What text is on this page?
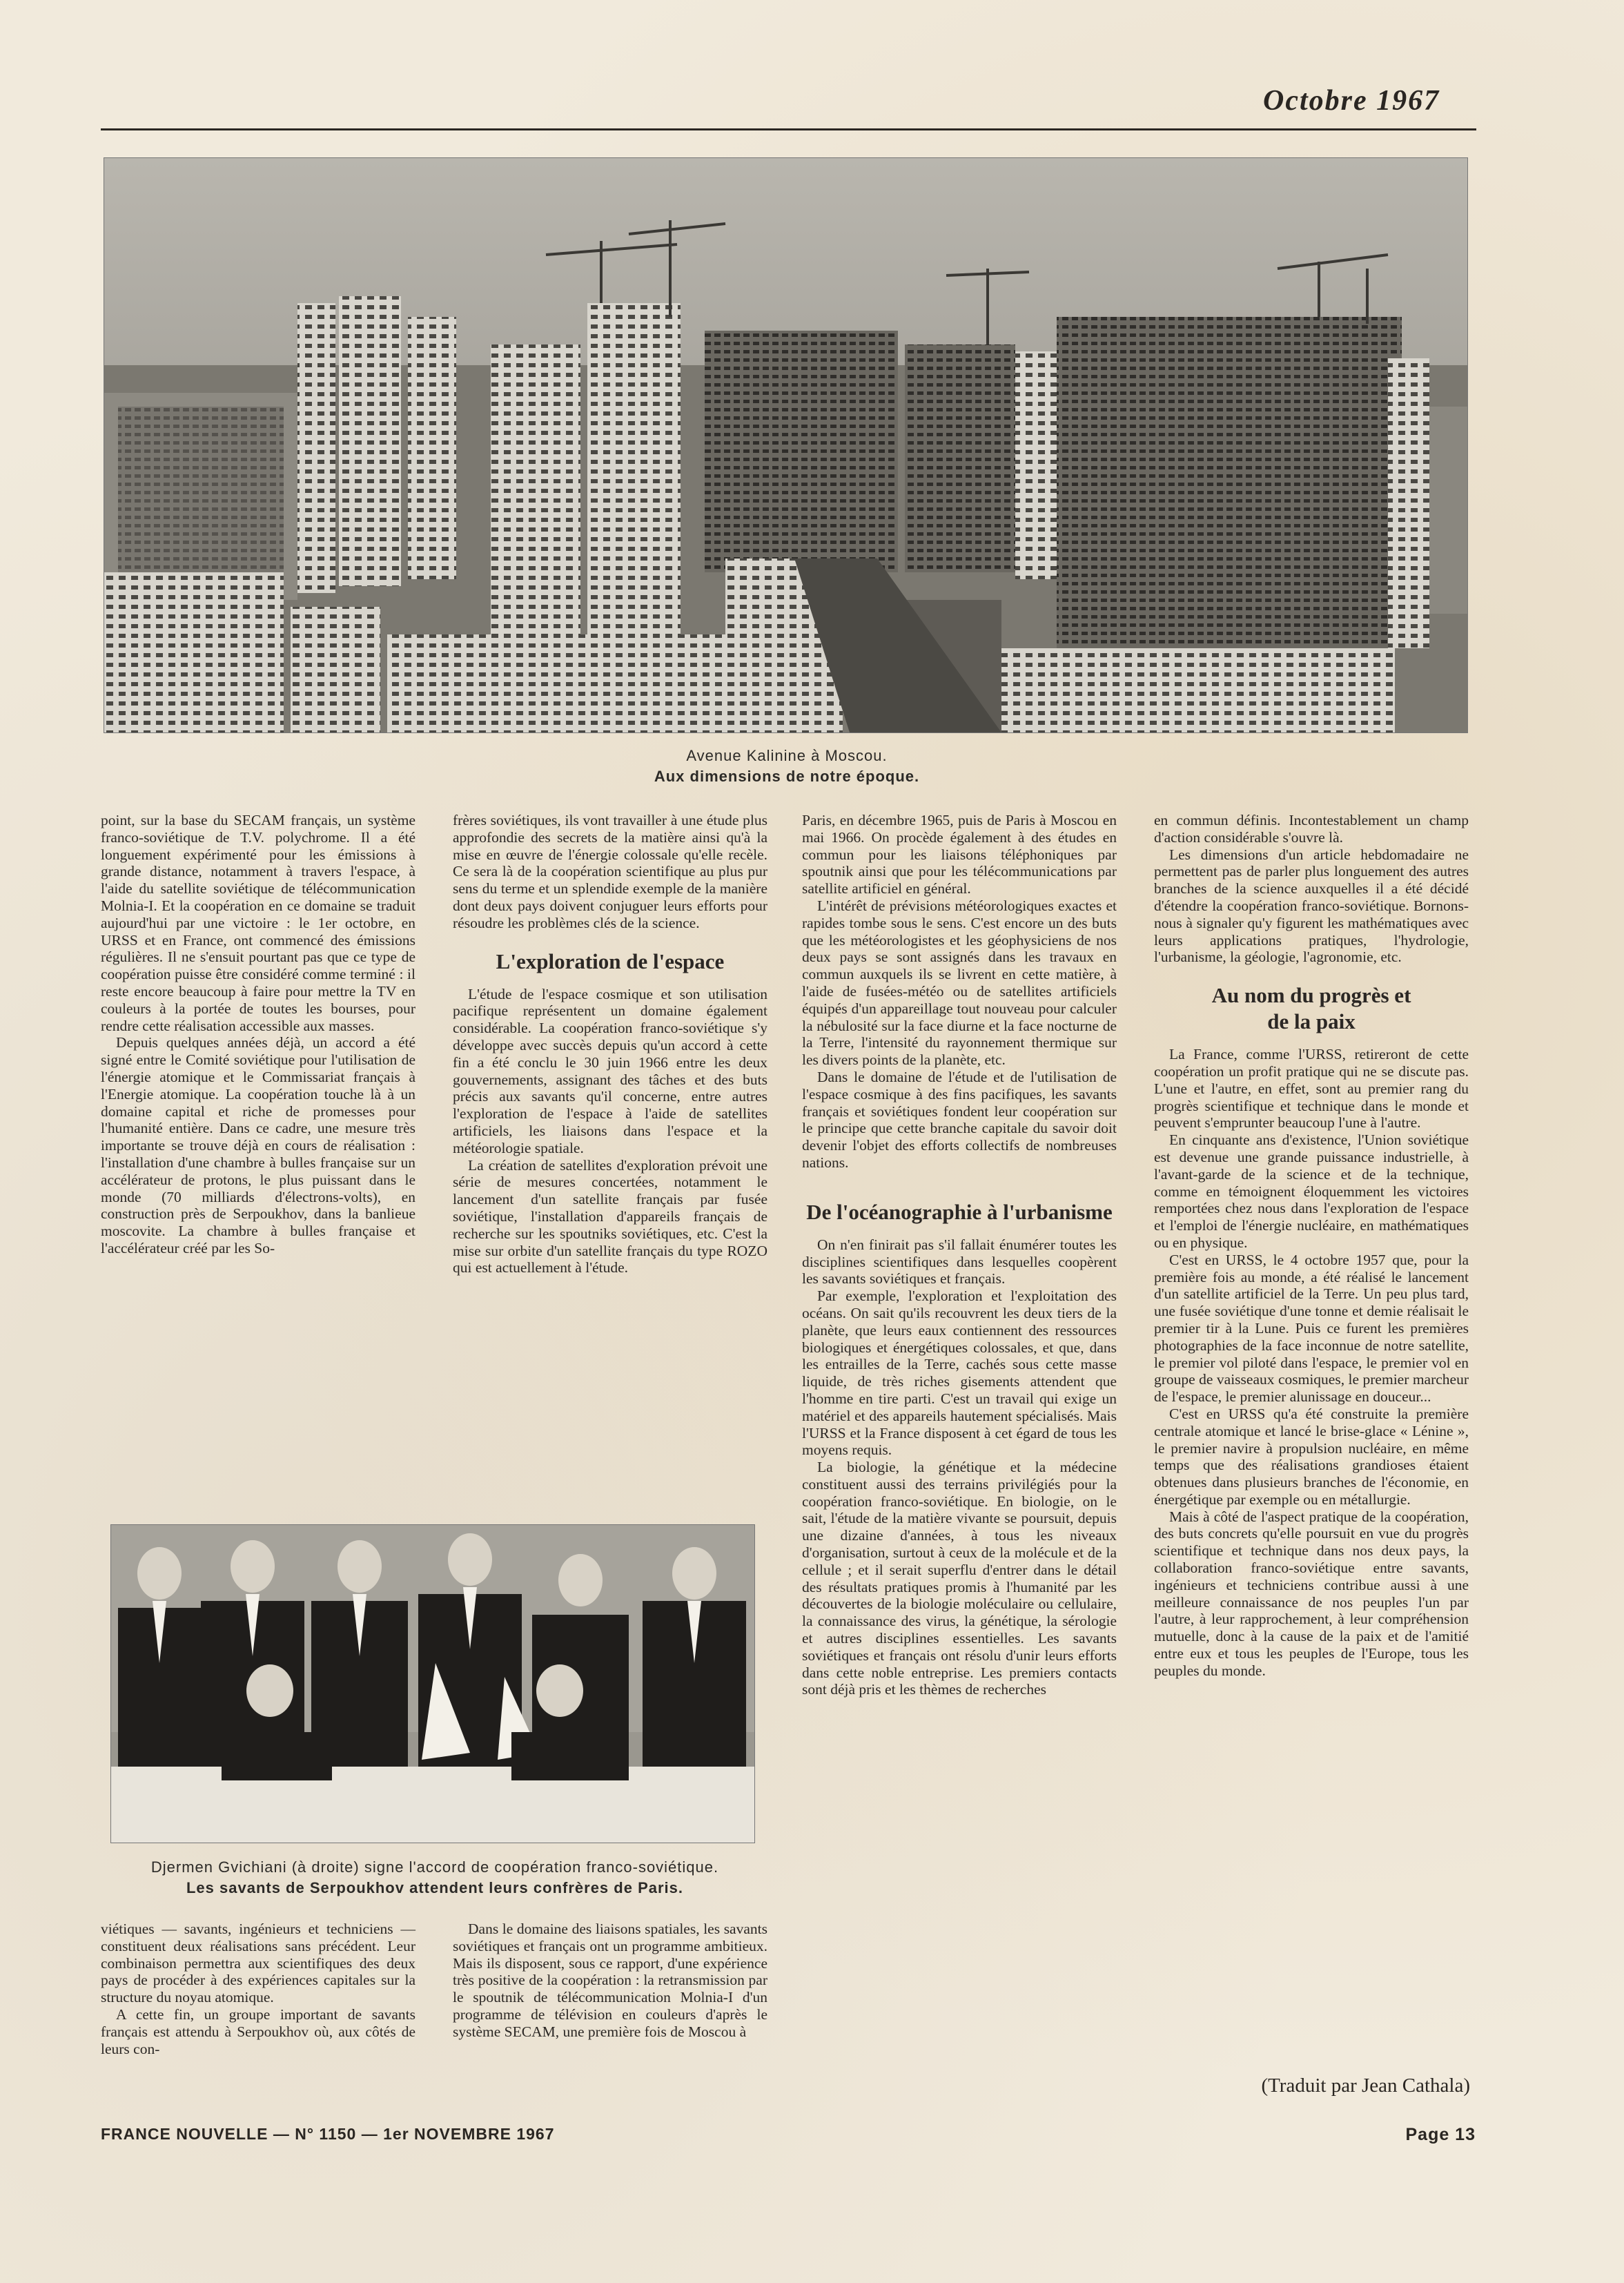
Octobre 1967
Avenue Kalinine à Moscou.
Aux dimensions de notre époque.

point, sur la base du SECAM français, un système franco-soviétique de T.V. polychrome. Il a été longuement expérimenté pour les émissions à grande distance, notamment à travers l'espace, à l'aide du satellite soviétique de télécommunication Molnia-I. Et la coopération en ce domaine se traduit aujourd'hui par une victoire : le 1er octobre, en URSS et en France, ont commencé des émissions régulières. Il ne s'ensuit pourtant pas que ce type de coopération puisse être considéré comme terminé : il reste encore beaucoup à faire pour mettre la TV en couleurs à la portée de toutes les bourses, pour rendre cette réalisation accessible aux masses.

Depuis quelques années déjà, un accord a été signé entre le Comité soviétique pour l'utilisation de l'énergie atomique et le Commissariat français à l'Energie atomique. La coopération touche là à un domaine capital et riche de promesses pour l'humanité entière. Dans ce cadre, une mesure très importante se trouve déjà en cours de réalisation : l'installation d'une chambre à bulles française sur un accélérateur de protons, le plus puissant dans le monde (70 milliards d'électrons-volts), en construction près de Serpoukhov, dans la banlieue moscovite. La chambre à bulles française et l'accélérateur créé par les So-

frères soviétiques, ils vont travailler à une étude plus approfondie des secrets de la matière ainsi qu'à la mise en œuvre de l'énergie colossale qu'elle recèle. Ce sera là de la coopération scientifique au plus pur sens du terme et un splendide exemple de la manière dont deux pays doivent conjuguer leurs efforts pour résoudre les problèmes clés de la science.

L'exploration de l'espace

L'étude de l'espace cosmique et son utilisation pacifique représentent un domaine également considérable. La coopération franco-soviétique s'y développe avec succès depuis qu'un accord à cette fin a été conclu le 30 juin 1966 entre les deux gouvernements, assignant des tâches et des buts précis aux savants qu'il concerne, entre autres l'exploration de l'espace à l'aide de satellites artificiels, les liaisons dans l'espace et la météorologie spatiale.

La création de satellites d'exploration prévoit une série de mesures concertées, notamment le lancement d'un satellite français par fusée soviétique, l'installation d'appareils français de recherche sur les spoutniks soviétiques, etc. C'est la mise sur orbite d'un satellite français du type ROZO qui est actuellement à l'étude.

Paris, en décembre 1965, puis de Paris à Moscou en mai 1966. On procède également à des études en commun pour les liaisons téléphoniques par spoutnik ainsi que pour les télécommunications par satellite artificiel en général.

L'intérêt de prévisions météorologiques exactes et rapides tombe sous le sens. C'est encore un des buts que les météorologistes et les géophysiciens de nos deux pays se sont assignés dans les travaux en commun auxquels ils se livrent en cette matière, à l'aide de fusées-météo ou de satellites artificiels équipés d'un appareillage tout nouveau pour calculer la nébulosité sur la face diurne et la face nocturne de la Terre, l'intensité du rayonnement thermique sur les divers points de la planète, etc.

Dans le domaine de l'étude et de l'utilisation de l'espace cosmique à des fins pacifiques, les savants français et soviétiques fondent leur coopération sur le principe que cette branche capitale du savoir doit devenir l'objet des efforts collectifs de nombreuses nations.

De l'océanographie à l'urbanisme

On n'en finirait pas s'il fallait énumérer toutes les disciplines scientifiques dans lesquelles coopèrent les savants soviétiques et français.

Par exemple, l'exploration et l'exploitation des océans. On sait qu'ils recouvrent les deux tiers de la planète, que leurs eaux contiennent des ressources biologiques et énergétiques colossales, et que, dans les entrailles de la Terre, cachés sous cette masse liquide, de très riches gisements attendent que l'homme en tire parti. C'est un travail qui exige un matériel et des appareils hautement spécialisés. Mais l'URSS et la France disposent à cet égard de tous les moyens requis.

La biologie, la génétique et la médecine constituent aussi des terrains privilégiés pour la coopération franco-soviétique. En biologie, on le sait, l'étude de la matière vivante se poursuit, depuis une dizaine d'années, à tous les niveaux d'organisation, surtout à ceux de la molécule et de la cellule ; et il serait superflu d'entrer dans le détail des résultats pratiques promis à l'humanité par les découvertes de la biologie moléculaire ou cellulaire, la connaissance des virus, la génétique, la sérologie et autres disciplines essentielles. Les savants soviétiques et français ont résolu d'unir leurs efforts dans cette noble entreprise. Les premiers contacts sont déjà pris et les thèmes de recherches

en commun définis. Incontestablement un champ d'action considérable s'ouvre là.

Les dimensions d'un article hebdomadaire ne permettent pas de parler plus longuement des autres branches de la science auxquelles il a été décidé d'étendre la coopération franco-soviétique. Bornons-nous à signaler qu'y figurent les mathématiques avec leurs applications pratiques, l'hydrologie, l'urbanisme, la géologie, l'agronomie, etc.

Au nom du progrès et de la paix

La France, comme l'URSS, retireront de cette coopération un profit pratique qui ne se discute pas. L'une et l'autre, en effet, sont au premier rang du progrès scientifique et technique dans le monde et peuvent s'emprunter beaucoup l'une à l'autre.

En cinquante ans d'existence, l'Union soviétique est devenue une grande puissance industrielle, à l'avant-garde de la science et de la technique, comme en témoignent éloquemment les victoires remportées chez nous dans l'exploration de l'espace et l'emploi de l'énergie nucléaire, en mathématiques ou en physique.

C'est en URSS, le 4 octobre 1957 que, pour la première fois au monde, a été réalisé le lancement d'un satellite artificiel de la Terre. Un peu plus tard, une fusée soviétique d'une tonne et demie réalisait le premier tir à la Lune. Puis ce furent les premières photographies de la face inconnue de notre satellite, le premier vol piloté dans l'espace, le premier vol en groupe de vaisseaux cosmiques, le premier marcheur de l'espace, le premier alunissage en douceur...

C'est en URSS qu'a été construite la première centrale atomique et lancé le brise-glace « Lénine », le premier navire à propulsion nucléaire, en même temps que des réalisations grandioses étaient obtenues dans plusieurs branches de l'économie, en énergétique par exemple ou en métallurgie.

Mais à côté de l'aspect pratique de la coopération, des buts concrets qu'elle poursuit en vue du progrès scientifique et technique dans nos deux pays, la collaboration franco-soviétique entre savants, ingénieurs et techniciens contribue aussi à une meilleure connaissance de nos peuples l'un par l'autre, à leur rapprochement, à leur compréhension mutuelle, donc à la cause de la paix et de l'amitié entre eux et tous les peuples de l'Europe, tous les peuples du monde.

Djermen Gvichiani (à droite) signe l'accord de coopération franco-soviétique.
Les savants de Serpoukhov attendent leurs confrères de Paris.

viétiques — savants, ingénieurs et techniciens — constituent deux réalisations sans précédent. Leur combinaison permettra aux scientifiques des deux pays de procéder à des expériences capitales sur la structure du noyau atomique.

A cette fin, un groupe important de savants français est attendu à Serpoukhov où, aux côtés de leurs con-

Dans le domaine des liaisons spatiales, les savants soviétiques et français ont un programme ambitieux. Mais ils disposent, sous ce rapport, d'une expérience très positive de la coopération : la retransmission par le spoutnik de télécommunication Molnia-I d'un programme de télévision en couleurs d'après le système SECAM, une première fois de Moscou à

(Traduit par Jean Cathala)
FRANCE NOUVELLE — N° 1150 — 1er NOVEMBRE 1967	Page 13
